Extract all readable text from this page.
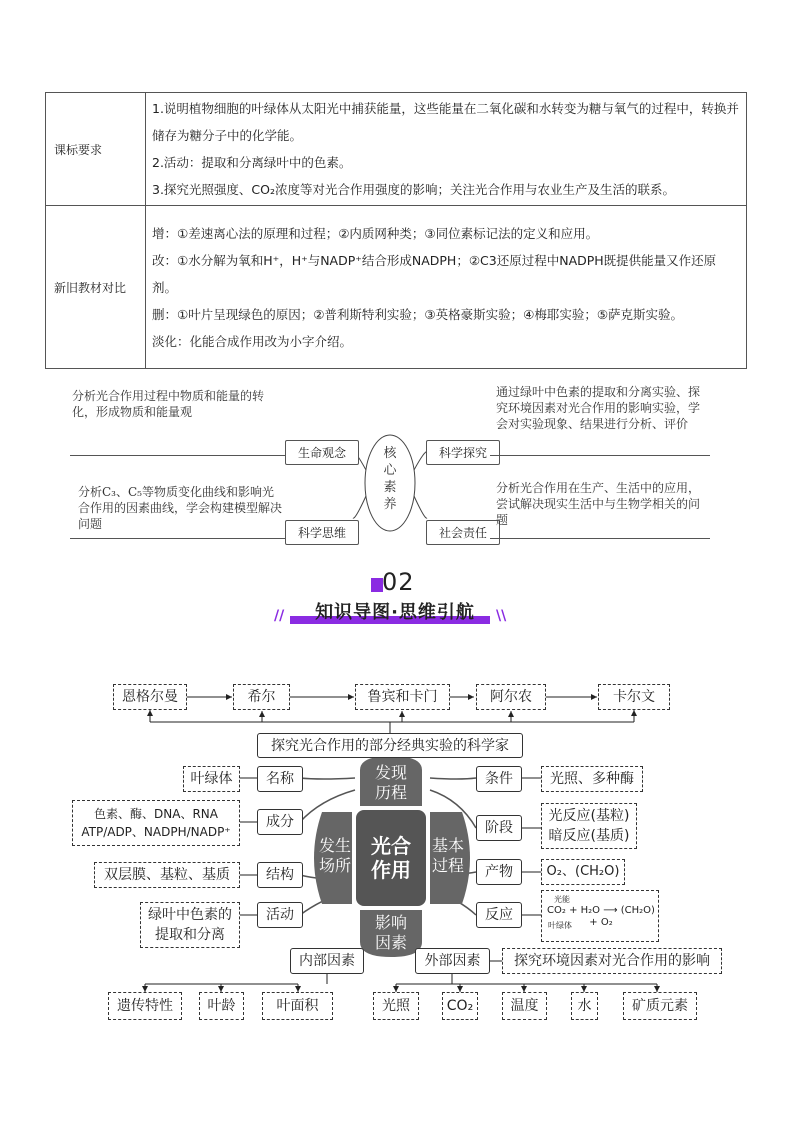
课标要求	1.说明植物细胞的叶绿体从太阳光中捕获能量，这些能量在二氧化碳和水转变为糖与氧气的过程中，转换并储存为糖分子中的化学能。

2.活动：提取和分离绿叶中的色素。

3.探究光照强度、CO₂浓度等对光合作用强度的影响；关注光合作用与农业生产及生活的联系。

新旧教材对比	增：①差速离心法的原理和过程；②内质网种类；③同位素标记法的定义和应用。

改：①水分解为氧和H⁺，H⁺与NADP⁺结合形成NADPH；②C3还原过程中NADPH既提供能量又作还原剂。

删：①叶片呈现绿色的原因；②普利斯特利实验；③英格豪斯实验；④梅耶实验；⑤萨克斯实验。

淡化：化能合成作用改为小字介绍。

核
心
素
养
分析光合作用过程中物质和能量的转化，形成物质和能量观
生命观念
分析C₃、C₅等物质变化曲线和影响光合作用的因素曲线，学会构建模型解决问题
科学思维
科学探究
通过绿叶中色素的提取和分离实验、探究环境因素对光合作用的影响实验，学会对实验现象、结果进行分析、评价
社会责任
分析光合作用在生产、生活中的应用，尝试解决现实生活中与生物学相关的问题
02
//	知识导图·思维引航	\\
恩格尔曼	希尔	鲁宾和卡门	阿尔农	卡尔文
探究光合作用的部分经典实验的科学家
发现
历程
发生
场所
基本
过程
影响
因素
光合
作用
叶绿体	名称
色素、酶、DNA、RNA
ATP/ADP、NADPH/NADP⁺
成分
双层膜、基粒、基质	结构
绿叶中色素的
提取和分离
活动
条件	光照、多种酶
阶段
光反应(基粒)
暗反应(基质)
产物	O₂、(CH₂O)
反应	CO₂ + H₂O ⟶ (CH₂O) + O₂
光能
叶绿体
内部因素	外部因素	探究环境因素对光合作用的影响
遗传特性	叶龄	叶面积	光照	CO₂	温度	水	矿质元素
